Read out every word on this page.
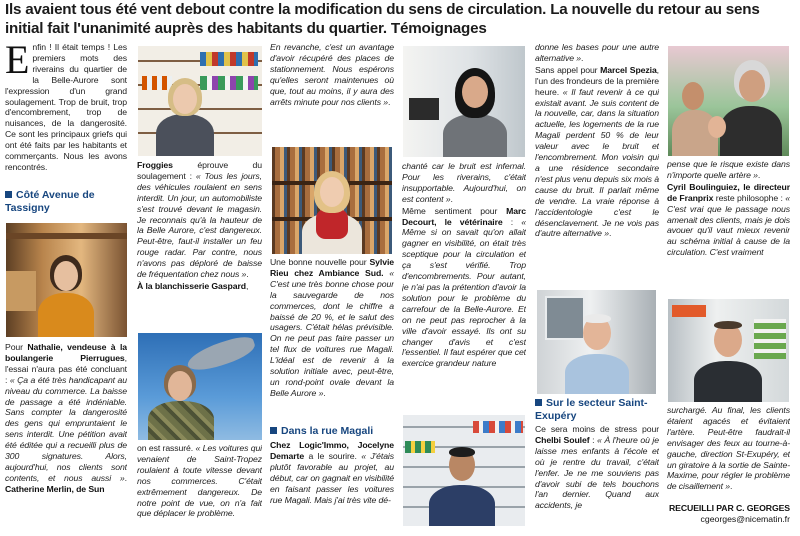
Ils avaient tous été vent debout contre la modification du sens de circulation. La nouvelle du retour au sens initial fait l'unanimité auprès des habitants du quartier. Témoignages
Enfin ! Il était temps ! Les premiers mots des riverains du quartier de la Belle-Aurore sont l'expression d'un grand soulagement. Trop de bruit, trop d'encombrement, trop de nuisances, de la dangerosité. Ce sont les principaux griefs qui ont été faits par les habitants et commerçants. Nous les avons rencontrés.
Côté Avenue de Tassigny

Pour Nathalie, vendeuse à la boulangerie Pierrugues, l'essai n'aura pas été concluant : « Ça a été très handicapant au niveau du commerce. La baisse de passage a été indéniable. Sans compter la dangerosité des gens qui empruntaient le sens interdit. Une pétition avait été éditée qui a recueilli plus de 300 signatures. Alors, aujourd'hui, nos clients sont contents, et nous aussi ». Catherine Merlin, de Sun

Froggies éprouve du soulagement : « Tous les jours, des véhicules roulaient en sens interdit. Un jour, un automobiliste s'est trouvé devant le magasin. Je reconnais qu'à la hauteur de la Belle Aurore, c'est dangereux. Peut-être, faut-il installer un feu rouge radar. Par contre, nous n'avons pas déploré de baisse de fréquentation chez nous ».

À la blanchisserie Gaspard,

on est rassuré. « Les voitures qui venaient de Saint-Tropez roulaient à toute vitesse devant nos commerces. C'était extrêmement dangereux. De notre point de vue, on n'a fait que déplacer le problème.

En revanche, c'est un avantage d'avoir récupéré des places de stationnement. Nous espérons qu'elles seront maintenues où que, tout au moins, il y aura des arrêts minute pour nos clients ».

Une bonne nouvelle pour Sylvie Rieu chez Ambiance Sud. « C'est une très bonne chose pour la sauvegarde de nos commerces, dont le chiffre a baissé de 20 %, et le salut des usagers. C'était hélas prévisible. On ne peut pas faire passer un tel flux de voitures rue Magali. L'idéal est de revenir à la solution initiale avec, peut-être, un rond-point ovale devant la Belle Aurore ».

Dans la rue Magali

Chez Logic'Immo, Jocelyne Demarte a le sourire. « J'étais plutôt favorable au projet, au début, car on gagnait en visibilité en faisant passer les voitures rue Magali. Mais j'ai très vite dé-

chanté car le bruit est infernal. Pour les riverains, c'était insupportable. Aujourd'hui, on est content ».

Même sentiment pour Marc Decourt, le vétérinaire : « Même si on savait qu'on allait gagner en visibilité, on était très sceptique pour la circulation et ça s'est vérifié. Trop d'encombrements. Pour autant, je n'ai pas la prétention d'avoir la solution pour le problème du carrefour de la Belle-Aurore. Et on ne peut pas reprocher à la ville d'avoir essayé. Ils ont su changer d'avis et c'est l'essentiel. Il faut espérer que cet exercice grandeur nature

donne les bases pour une autre alternative ».

Sans appel pour Marcel Spezia, l'un des frondeurs de la première heure. « Il faut revenir à ce qui existait avant. Je suis content de la nouvelle, car, dans la situation actuelle, les logements de la rue Magali perdent 50 % de leur valeur avec le bruit et l'encombrement. Mon voisin qui a une résidence secondaire n'est plus venu depuis six mois à cause du bruit. Il parlait même de vendre. La vraie réponse à l'accidentologie c'est le désenclavement. Je ne vois pas d'autre alternative ».

Sur le secteur Saint-Exupéry

Ce sera moins de stress pour Chelbi Soulef : « À l'heure où je laisse mes enfants à l'école et où je rentre du travail, c'était l'enfer. Je ne me souviens pas d'avoir subi de tels bouchons l'an dernier. Quand aux accidents, je

pense que le risque existe dans n'importe quelle artère ».

Cyril Boulinguiez, le directeur de Franprix reste philosophe : « C'est vrai que le passage nous amenait des clients, mais je dois avouer qu'il vaut mieux revenir au schéma initial à cause de la circulation. C'est vraiment

surchargé. Au final, les clients étaient agacés et évitaient l'artère. Peut-être faudrait-il envisager des feux au tourne-à-gauche, direction St-Exupéry, et un giratoire à la sortie de Sainte-Maxime, pour régler le problème de cisaillement ».

RECUEILLI PAR C. GEORGES
cgeorges@nicematin.fr
